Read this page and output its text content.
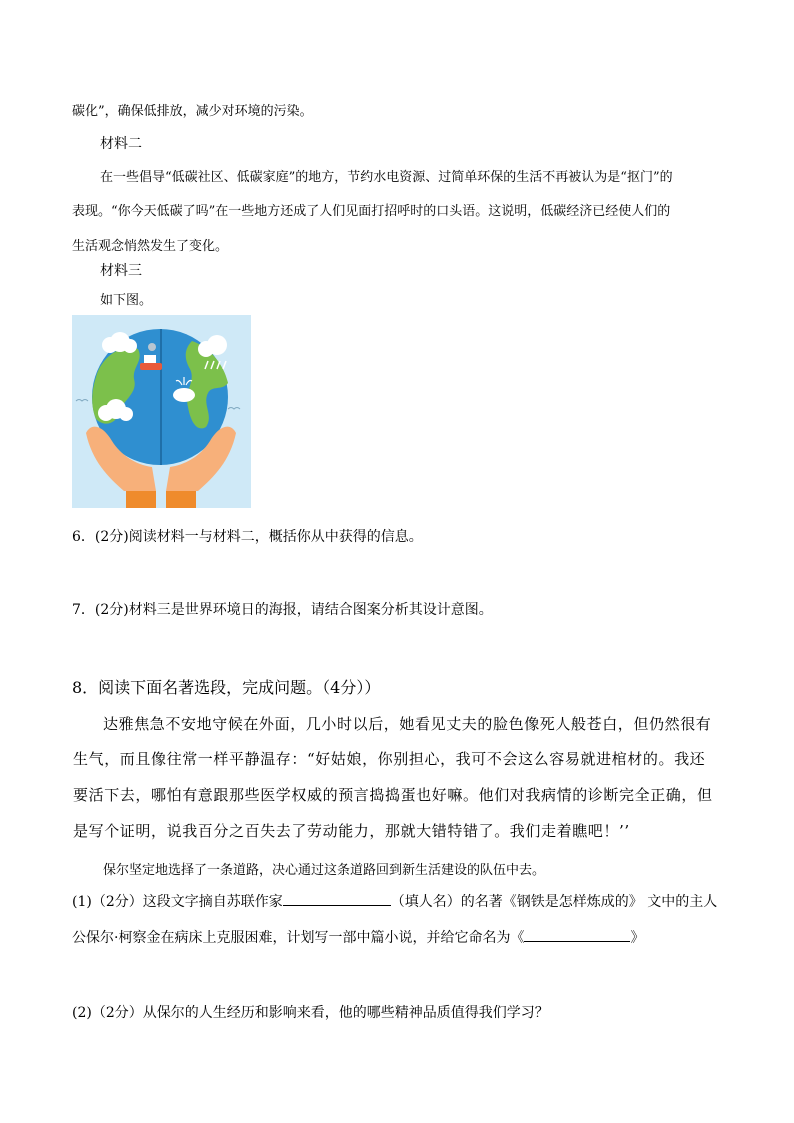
碳化”，确保低排放，减少对环境的污染。
材料二
在一些倡导“低碳社区、低碳家庭”的地方，节约水电资源、过简单环保的生活不再被认为是“抠门”的
表现。“你今天低碳了吗”在一些地方还成了人们见面打招呼时的口头语。这说明，低碳经济已经使人们的
生活观念悄然发生了变化。
材料三
如下图。
6．(2分)阅读材料一与材料二，概括你从中获得的信息。
7．(2分)材料三是世界环境日的海报，请结合图案分析其设计意图。
8．阅读下面名著选段，完成问题。（4分））
达雅焦急不安地守候在外面，几小时以后，她看见丈夫的脸色像死人般苍白，但仍然很有
生气，而且像往常一样平静温存：“好姑娘，你别担心，我可不会这么容易就进棺材的。我还
要活下去，哪怕有意跟那些医学权威的预言捣捣蛋也好嘛。他们对我病情的诊断完全正确，但
是写个证明，说我百分之百失去了劳动能力，那就大错特错了。我们走着瞧吧！’’
保尔坚定地选择了一条道路，决心通过这条道路回到新生活建设的队伍中去。
(1)（2分）这段文字摘自苏联作家	（填人名）的名著《钢铁是怎样炼成的》 文中的主人
公保尔·柯察金在病床上克服困难，计划写一部中篇小说，并给它命名为《	》
(2)（2分）从保尔的人生经历和影响来看，他的哪些精神品质值得我们学习？
